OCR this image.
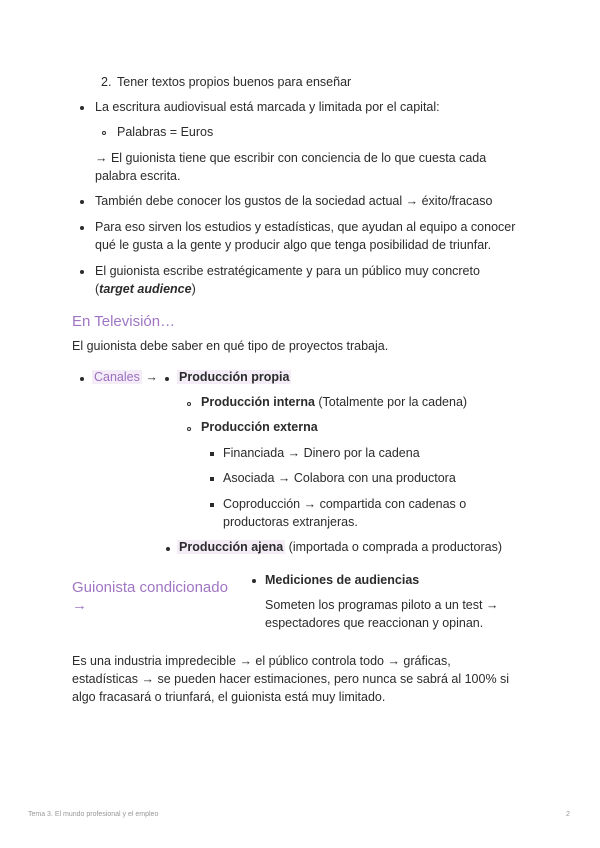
2. Tener textos propios buenos para enseñar
La escritura audiovisual está marcada y limitada por el capital:
Palabras = Euros
→ El guionista tiene que escribir con conciencia de lo que cuesta cada
palabra escrita.
También debe conocer los gustos de la sociedad actual → éxito/fracaso
Para eso sirven los estudios y estadísticas, que ayudan al equipo a conocer
qué le gusta a la gente y producir algo que tenga posibilidad de triunfar.
El guionista escribe estratégicamente y para un público muy concreto
(target audience)
En Televisión…
El guionista debe saber en qué tipo de proyectos trabaja.
Canales → Producción propia
Producción interna (Totalmente por la cadena)
Producción externa
Financiada → Dinero por la cadena
Asociada → Colabora con una productora
Coproducción → compartida con cadenas o
productoras extranjeras.
Producción ajena (importada o comprada a productoras)
Guionista condicionado
→
Mediciones de audiencias
Someten los programas piloto a un test →
espectadores que reaccionan y opinan.
Es una industria impredecible → el público controla todo → gráficas,
estadísticas → se pueden hacer estimaciones, pero nunca se sabrá al 100% si
algo fracasará o triunfará, el guionista está muy limitado.
Tema 3. El mundo profesional y el empleo	2
